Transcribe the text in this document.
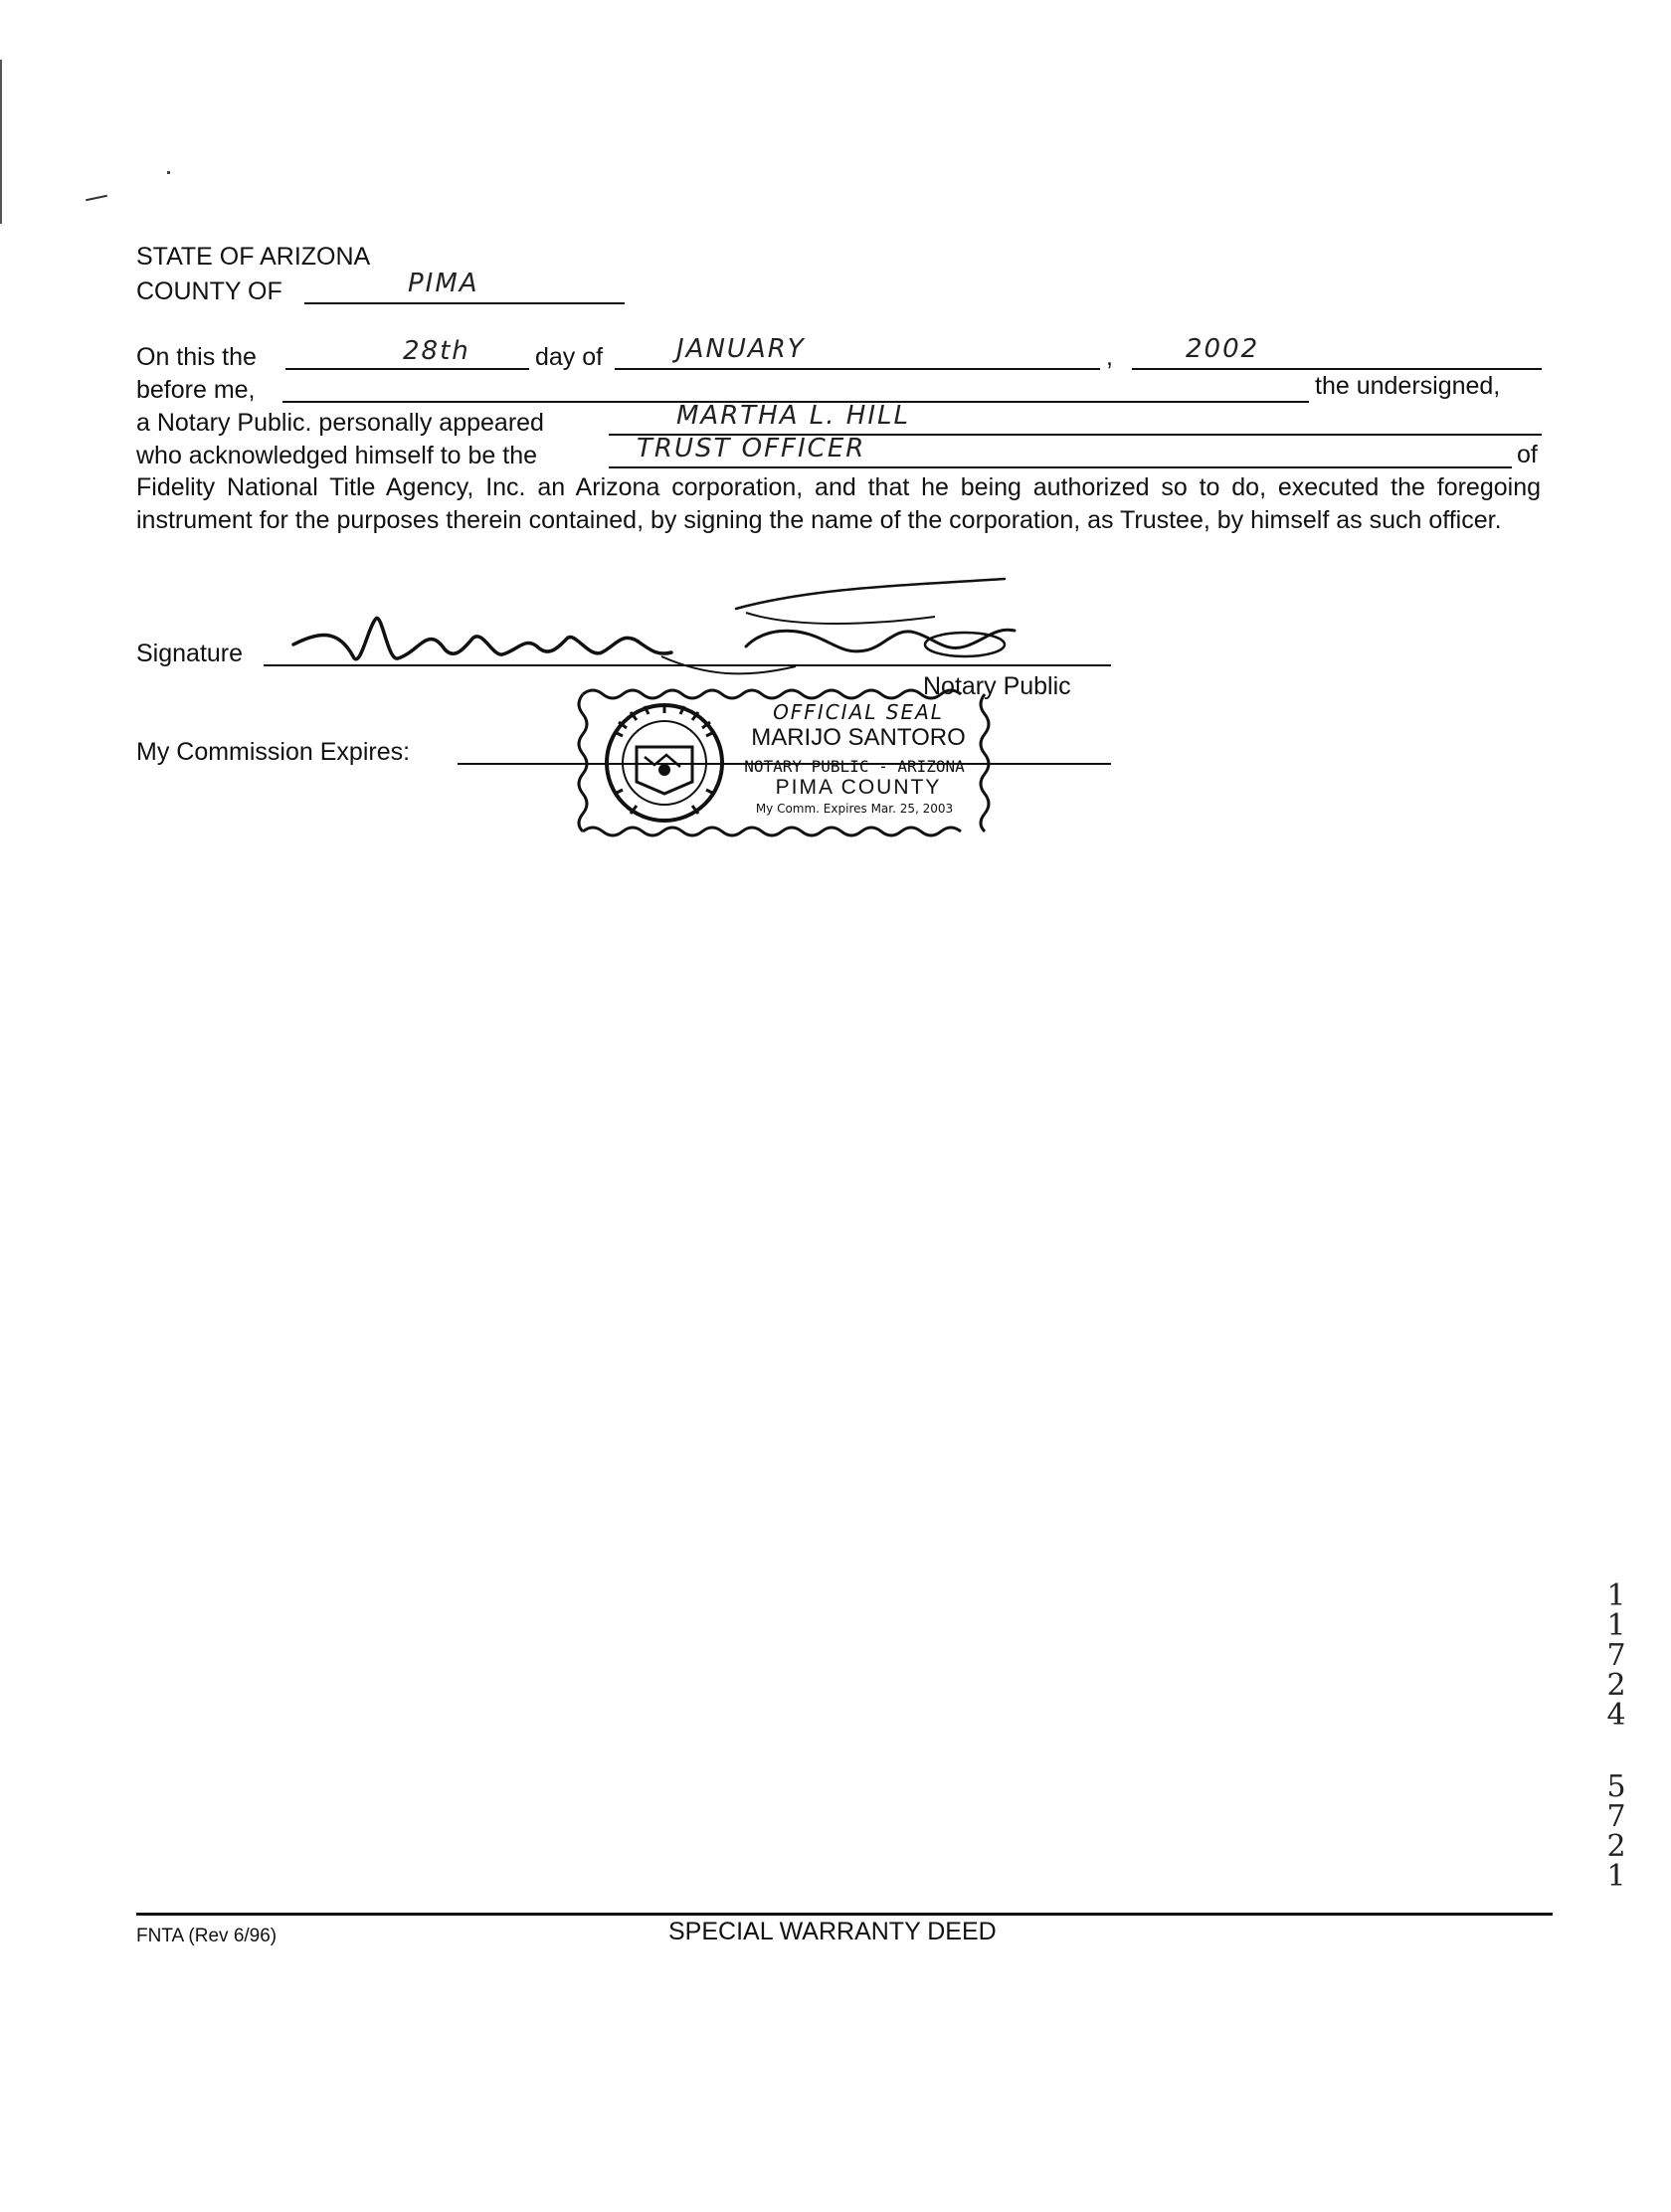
STATE OF ARIZONA
COUNTY OF	PIMA
On this the	28th	day of	JANUARY	,	2002
before me,	the undersigned,
a Notary Public. personally appeared	MARTHA L. HILL
who acknowledged himself to be the	TRUST OFFICER	of
Fidelity National Title Agency, Inc. an Arizona corporation, and that he being authorized so to do, executed the foregoing instrument for the purposes therein contained, by signing the name of the corporation, as Trustee, by himself as such officer.
Signature
Notary Public
My Commission Expires:
OFFICIAL SEAL
MARIJO SANTORO
NOTARY PUBLIC - ARIZONA
PIMA COUNTY
My Comm. Expires Mar. 25, 2003
1
1
7
2
4
5
7
2
1
FNTA (Rev 6/96)	SPECIAL WARRANTY DEED
